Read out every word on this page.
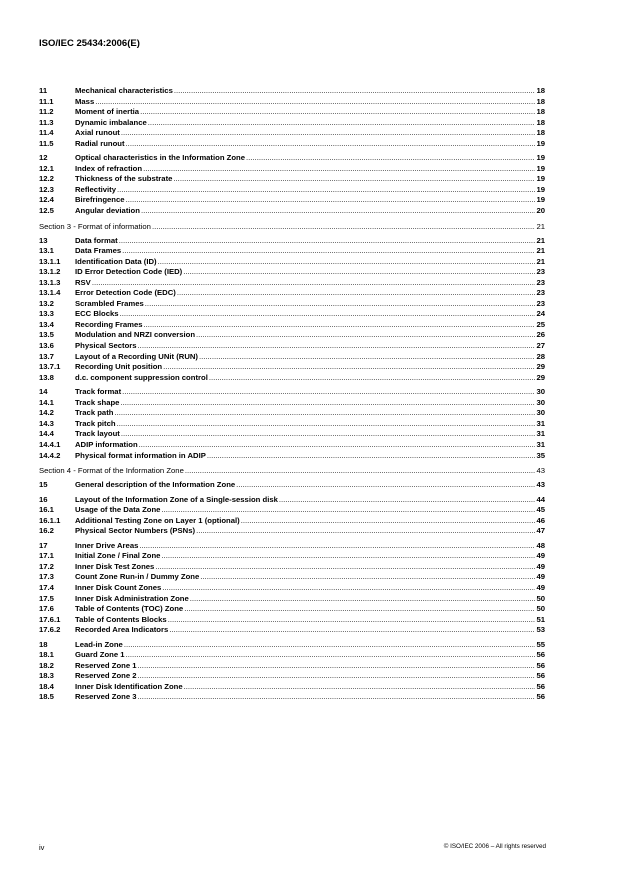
ISO/IEC 25434:2006(E)
11	Mechanical characteristics .....	18
11.1	Mass .....	18
11.2	Moment of inertia .....	18
11.3	Dynamic imbalance .....	18
11.4	Axial runout .....	18
11.5	Radial runout .....	19
12	Optical characteristics in the Information Zone .....	19
12.1	Index of refraction .....	19
12.2	Thickness of the substrate .....	19
12.3	Reflectivity .....	19
12.4	Birefringence .....	19
12.5	Angular deviation .....	20
Section 3 - Format of information .....	21
13	Data format .....	21
13.1	Data Frames .....	21
13.1.1	Identification Data (ID) .....	21
13.1.2	ID Error Detection Code (IED) .....	23
13.1.3	RSV .....	23
13.1.4	Error Detection Code (EDC) .....	23
13.2	Scrambled Frames .....	23
13.3	ECC Blocks .....	24
13.4	Recording Frames .....	25
13.5	Modulation and NRZI conversion .....	26
13.6	Physical Sectors .....	27
13.7	Layout of a Recording UNit (RUN) .....	28
13.7.1	Recording Unit position .....	29
13.8	d.c. component suppression control .....	29
14	Track format .....	30
14.1	Track shape .....	30
14.2	Track path .....	30
14.3	Track pitch .....	31
14.4	Track layout .....	31
14.4.1	ADIP information .....	31
14.4.2	Physical format information in ADIP .....	35
Section 4 - Format of the Information Zone .....	43
15	General description of the Information Zone .....	43
16	Layout of the Information Zone of a Single-session disk .....	44
16.1	Usage of the Data Zone .....	45
16.1.1	Additional Testing Zone on Layer 1 (optional) .....	46
16.2	Physical Sector Numbers (PSNs) .....	47
17	Inner Drive Areas .....	48
17.1	Initial Zone / Final Zone .....	49
17.2	Inner Disk Test Zones .....	49
17.3	Count Zone Run-in / Dummy Zone .....	49
17.4	Inner Disk Count Zones .....	49
17.5	Inner Disk Administration Zone .....	50
17.6	Table of Contents (TOC) Zone .....	50
17.6.1	Table of Contents Blocks .....	51
17.6.2	Recorded Area Indicators .....	53
18	Lead-in Zone .....	55
18.1	Guard Zone 1 .....	56
18.2	Reserved Zone 1 .....	56
18.3	Reserved Zone 2 .....	56
18.4	Inner Disk Identification Zone .....	56
18.5	Reserved Zone 3 .....	56
iv	© ISO/IEC 2006 – All rights reserved
